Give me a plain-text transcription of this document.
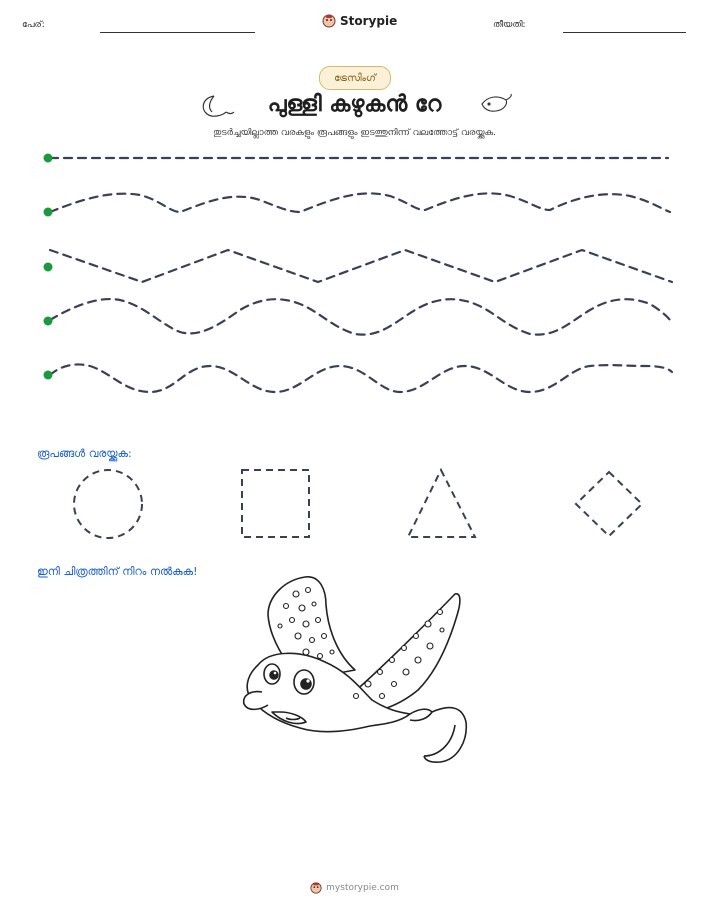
പേര്:	Storypie	തീയതി:
ട്രേസിംഗ്
പുള്ളി കഴുകൻ റേ
തുടർച്ചയില്ലാത്ത വരകളും രൂപങ്ങളും ഇടത്തുനിന്ന് വലത്തോട്ട് വരയ്ക്കുക.
രൂപങ്ങൾ വരയ്ക്കുക:
ഇനി ചിത്രത്തിന് നിറം നൽകുക!
mystorypie.com
